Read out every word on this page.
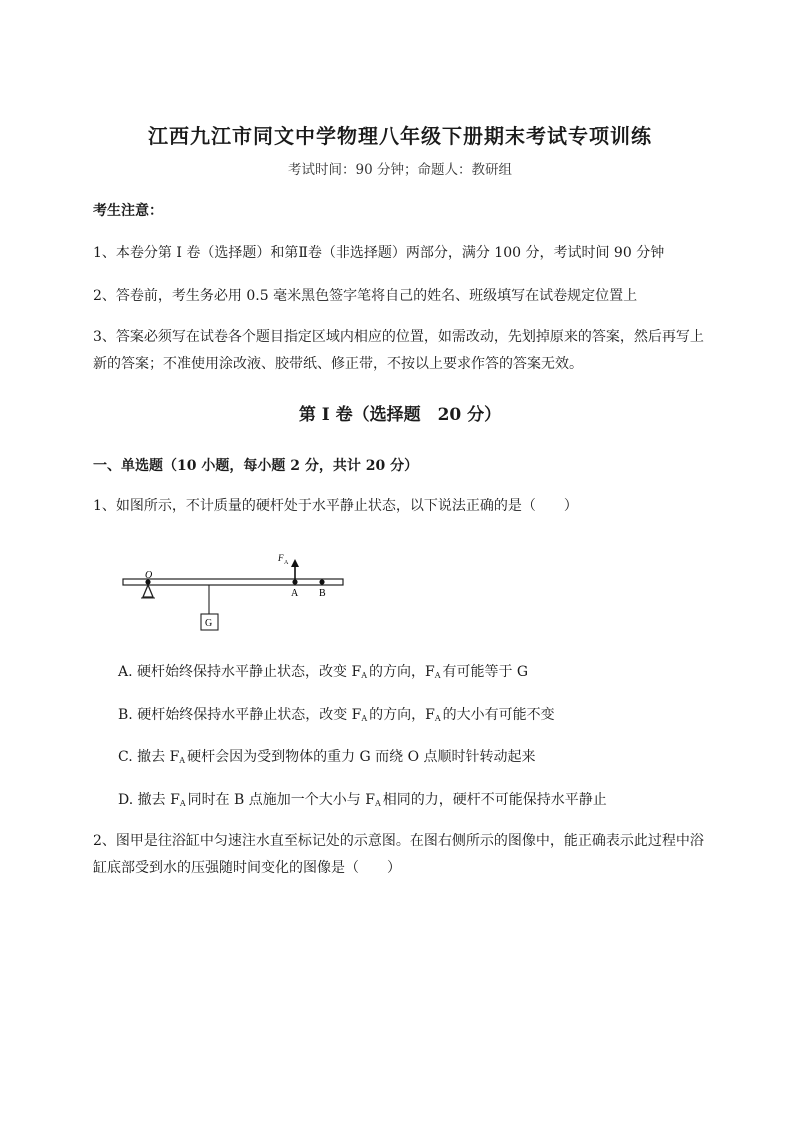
江西九江市同文中学物理八年级下册期末考试专项训练
考试时间：90 分钟；命题人：教研组
考生注意：
1、本卷分第 I 卷（选择题）和第Ⅱ卷（非选择题）两部分，满分 100 分，考试时间 90 分钟
2、答卷前，考生务必用 0.5 毫米黑色签字笔将自己的姓名、班级填写在试卷规定位置上
3、答案必须写在试卷各个题目指定区域内相应的位置，如需改动，先划掉原来的答案，然后再写上新的答案；不准使用涂改液、胶带纸、修正带，不按以上要求作答的答案无效。
第 I 卷（选择题　20 分）
一、单选题（10 小题，每小题 2 分，共计 20 分）
1、如图所示，不计质量的硬杆处于水平静止状态，以下说法正确的是（　　）
O
G
F A
A B
A. 硬杆始终保持水平静止状态，改变 $F_A$ 的方向，$F_A$ 有可能等于 G
B. 硬杆始终保持水平静止状态，改变 $F_A$ 的方向，$F_A$ 的大小有可能不变
C. 撤去 $F_A$ 硬杆会因为受到物体的重力 G 而绕 O 点顺时针转动起来
D. 撤去 $F_A$ 同时在 B 点施加一个大小与 $F_A$ 相同的力，硬杆不可能保持水平静止
2、图甲是往浴缸中匀速注水直至标记处的示意图。在图右侧所示的图像中，能正确表示此过程中浴缸底部受到水的压强随时间变化的图像是（　　）
